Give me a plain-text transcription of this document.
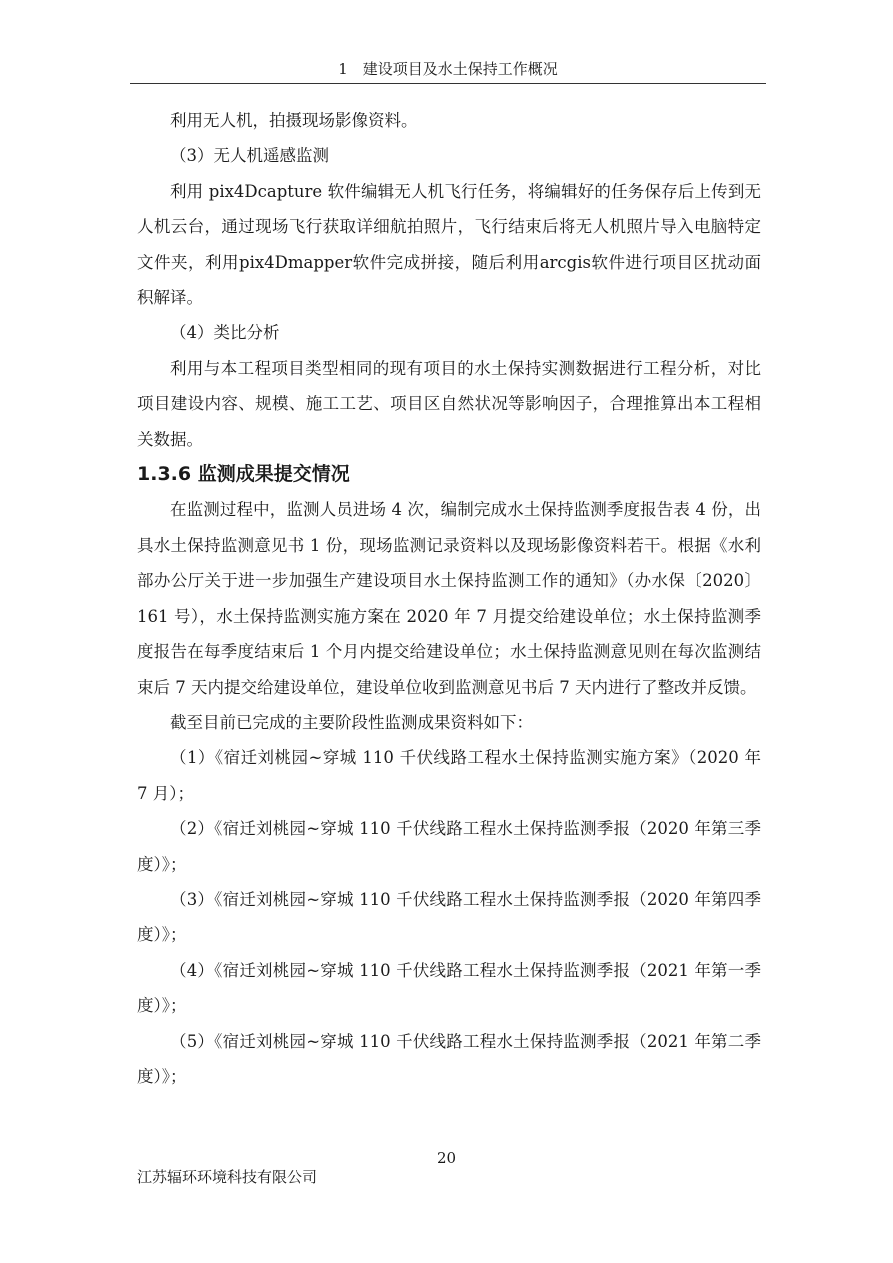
1　建设项目及水土保持工作概况

利用无人机，拍摄现场影像资料。

（3）无人机遥感监测

利用 pix4Dcapture 软件编辑无人机飞行任务，将编辑好的任务保存后上传到无人机云台，通过现场飞行获取详细航拍照片，飞行结束后将无人机照片导入电脑特定文件夹，利用pix4Dmapper软件完成拼接，随后利用arcgis软件进行项目区扰动面积解译。

（4）类比分析

利用与本工程项目类型相同的现有项目的水土保持实测数据进行工程分析，对比项目建设内容、规模、施工工艺、项目区自然状况等影响因子，合理推算出本工程相关数据。

1.3.6 监测成果提交情况

在监测过程中，监测人员进场 4 次，编制完成水土保持监测季度报告表 4 份，出具水土保持监测意见书 1 份，现场监测记录资料以及现场影像资料若干。根据《水利部办公厅关于进一步加强生产建设项目水土保持监测工作的通知》（办水保〔2020〕161 号），水土保持监测实施方案在 2020 年 7 月提交给建设单位；水土保持监测季度报告在每季度结束后 1 个月内提交给建设单位；水土保持监测意见则在每次监测结束后 7 天内提交给建设单位，建设单位收到监测意见书后 7 天内进行了整改并反馈。

截至目前已完成的主要阶段性监测成果资料如下：

（1）《宿迁刘桃园~穿城 110 千伏线路工程水土保持监测实施方案》（2020 年 7 月）；

（2）《宿迁刘桃园~穿城 110 千伏线路工程水土保持监测季报（2020 年第三季度）》；

（3）《宿迁刘桃园~穿城 110 千伏线路工程水土保持监测季报（2020 年第四季度）》；

（4）《宿迁刘桃园~穿城 110 千伏线路工程水土保持监测季报（2021 年第一季度）》；

（5）《宿迁刘桃园~穿城 110 千伏线路工程水土保持监测季报（2021 年第二季度）》；

20
江苏辐环环境科技有限公司
